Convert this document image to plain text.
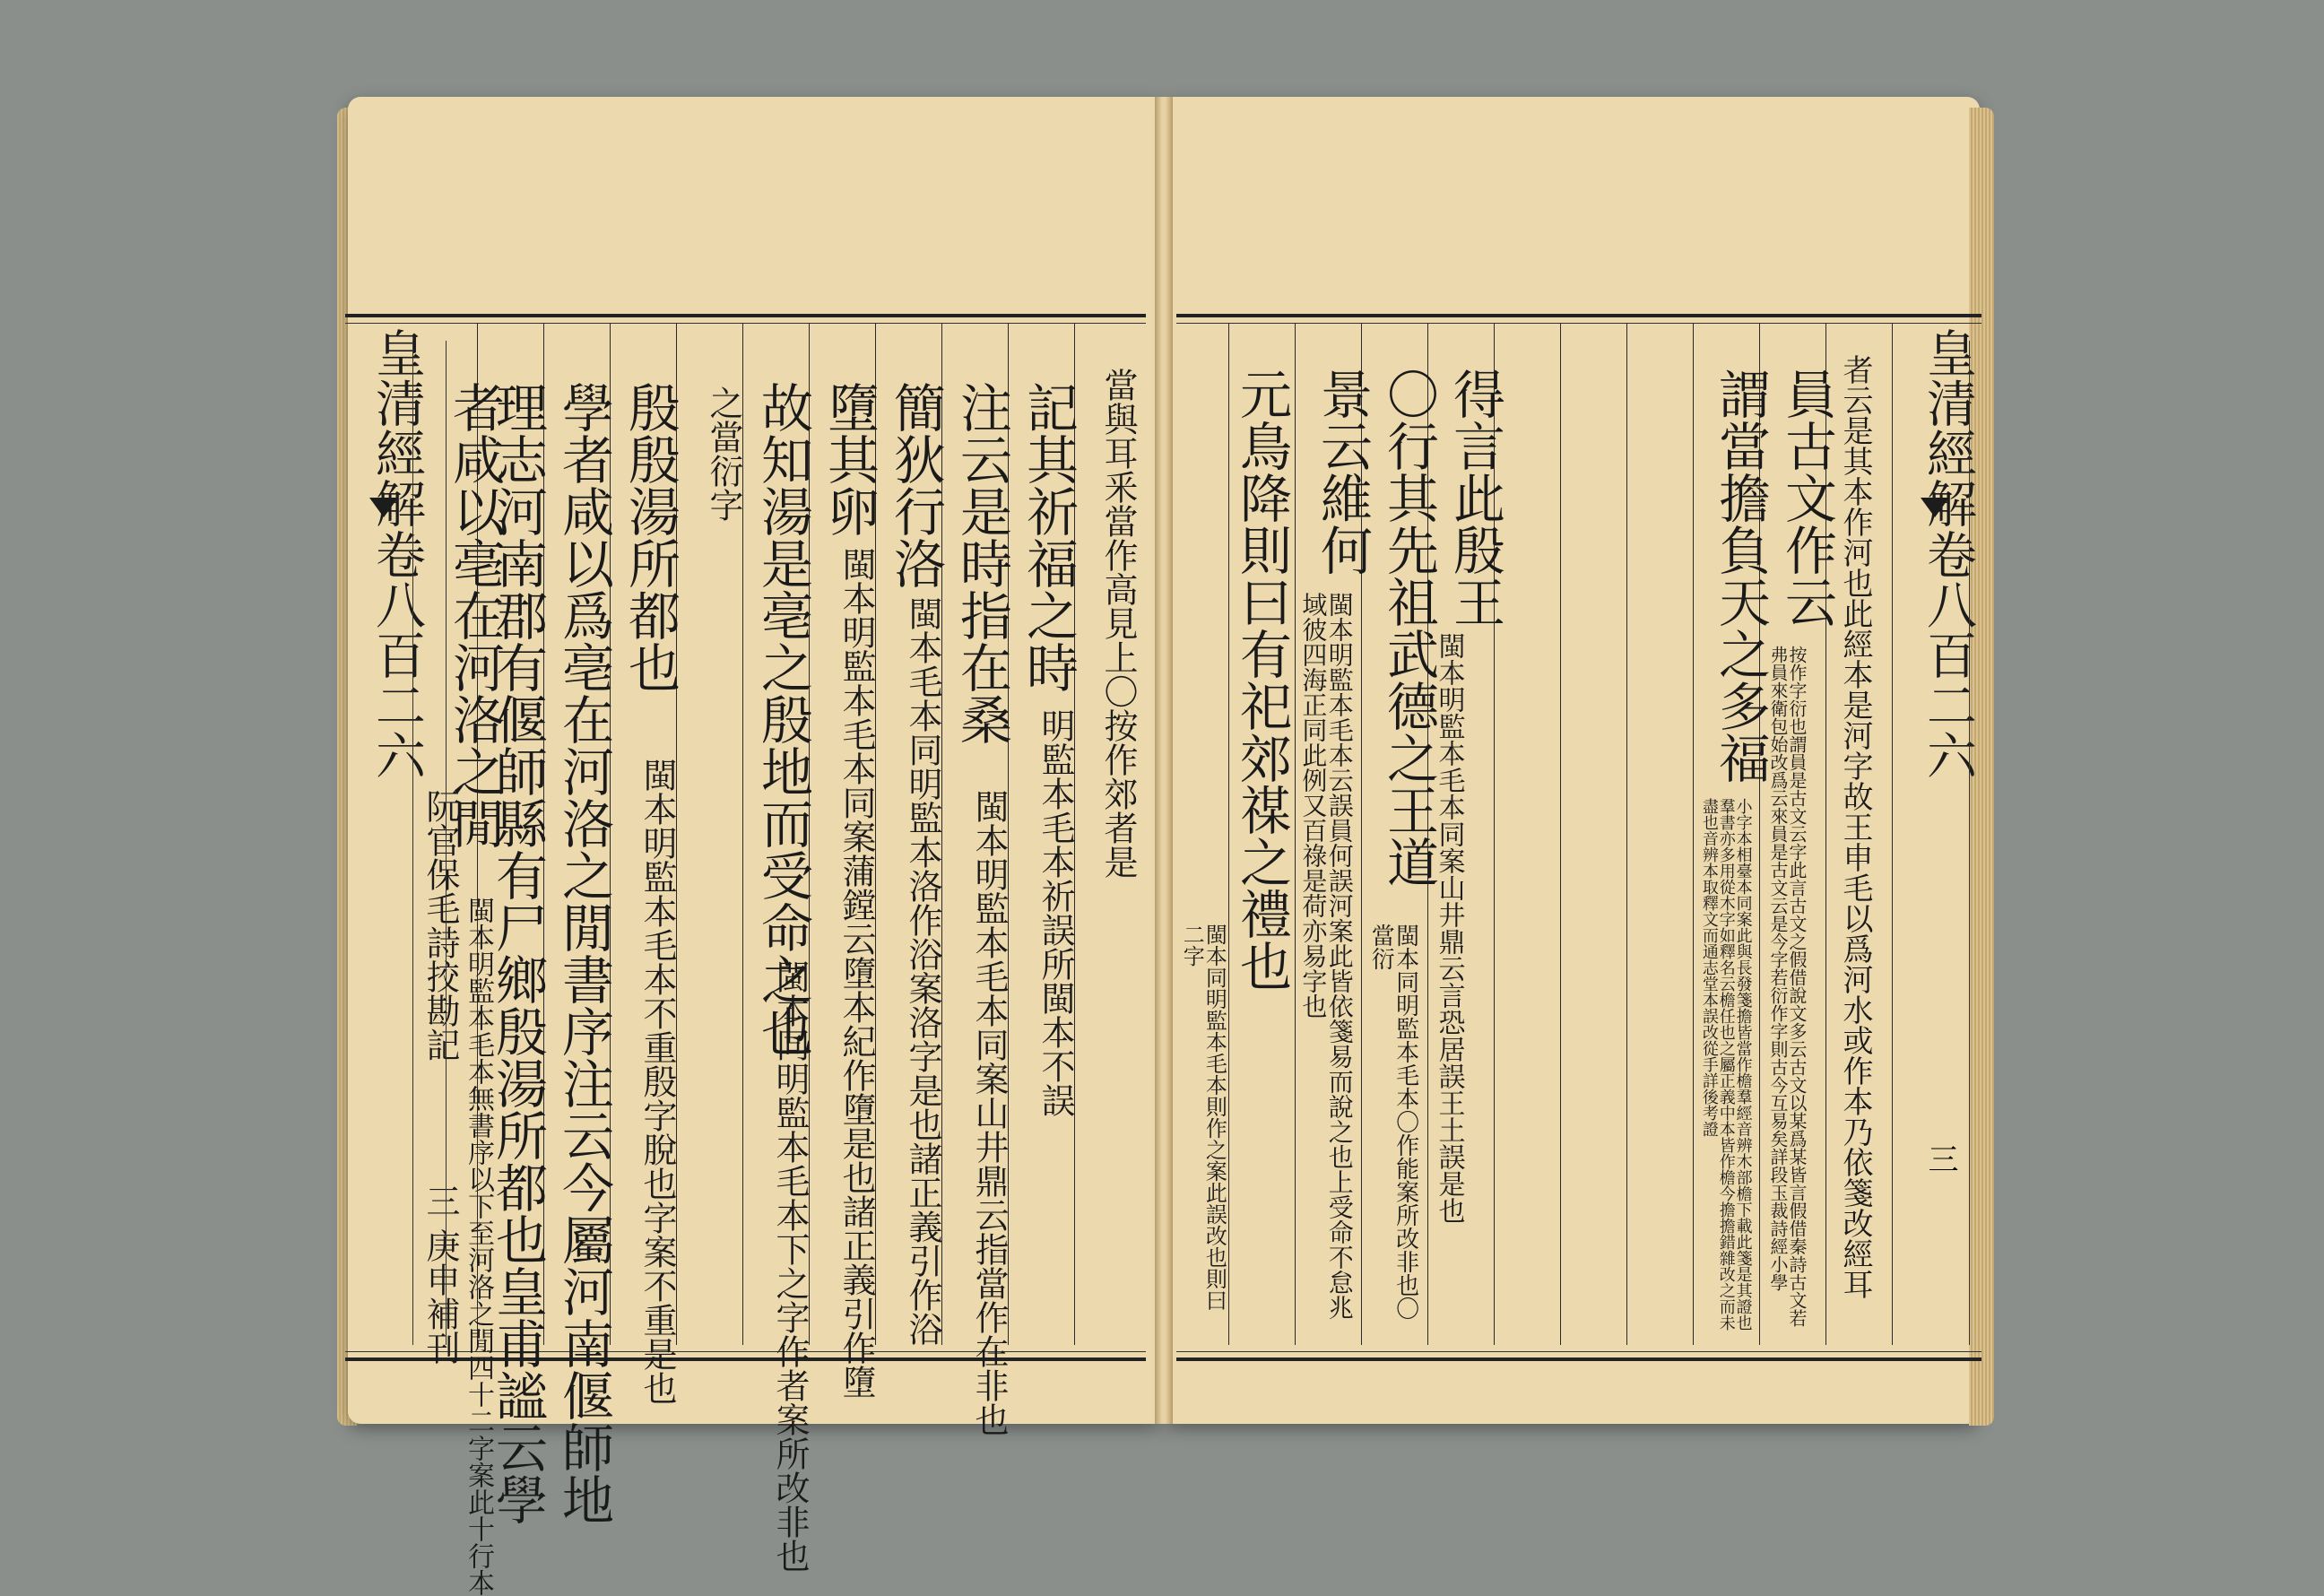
皇清經解
卷八百二六
阮官保毛詩挍勘記
三
庚申補刊
當與耳釆當作高見上〇按作郊者是
記其祈福之時
明監本毛本祈誤所閩本不誤
注云是時指在桑
閩本明監本毛本同案山井鼎云指當作在非也
簡狄行洛
閩本毛本同明監本洛作浴案洛字是也諸正義引作浴
墮其卵
閩本明監本毛本同案蒲鏜云墮本紀作墮是也諸正義引作墮
故知湯是亳之殷地而受命之也
閩本同明監本毛本下之字作者案所改非也
之當衍字
殷殷湯所都也
閩本明監本毛本不重殷字脫也字案不重是也
學者咸以爲亳在河洛之閒書序注云今屬河南偃師地
理志河南郡有偃師縣有尸鄉殷湯所都也皇甫謐云學
者咸以亳在河洛之閒
閩本明監本毛本無書序以下至河洛之閒四十二字案此十行本
皇清經解
卷八百二六
三
者云是其本作河也此經本是河字故王申毛以爲河水或作本乃依箋改經耳
員古文作云
按作字衍也謂員是古文云字此言古文之假借說文多云古文以某爲某皆言假借秦詩古文若弗員來衛包始改爲云來員是古文云是今字若衍作字則古今互易矣詳段玉裁詩經小學
謂當擔負天之多福
小字本相臺本同案此與長發箋擔皆當作檐羣經音辨木部檐下載此箋是其證也羣書亦多用從木字如釋名云檐任也之屬正義中本皆作檐今擔擔錯雜改之而未盡也音辨本取釋文而通志堂本誤改從手詳後考證
得言此殷王
閩本明監本毛本同案山井鼎云言恐居誤王土誤是也
〇行其先祖武德之王道
閩本同明監本毛本〇作能案所改非也〇當衍
景云維何
閩本明監本毛本云誤員何誤河案此皆依箋易而說之也上受命不怠兆域彼四海正同此例又百祿是荷亦易字也
元鳥降則曰有祀郊禖之禮也
閩本同明監本毛本則作之案此誤改也則曰二字
